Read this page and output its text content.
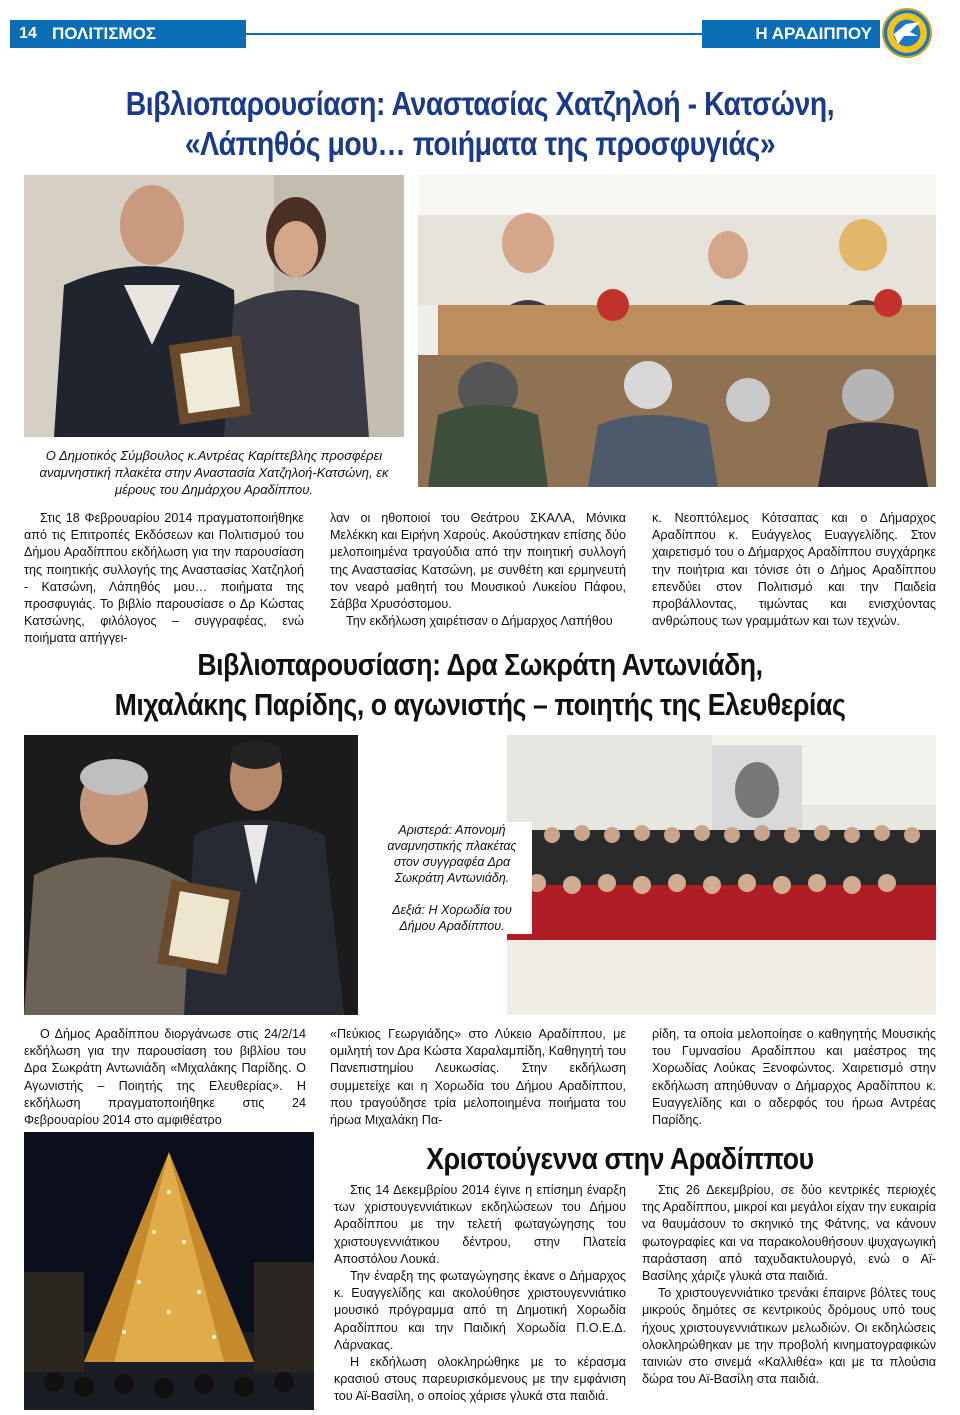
14 ΠΟΛΙΤΙΣΜΟΣ	Η ΑΡΑΔΙΠΠΟΥ
Βιβλιοπαρουσίαση: Αναστασίας Χατζηλοή - Κατσώνη,
«Λάπηθός μου… ποιήματα της προσφυγιάς»
Ο Δημοτικός Σύμβουλος κ.Αντρέας Καρίττεβλης προσφέρει
αναμνηστική πλακέτα στην Αναστασία Χατζηλοή-Κατσώνη, εκ
μέρους του Δημάρχου Αραδίππου.

Στις 18 Φεβρουαρίου 2014 πραγματοποιήθηκε από τις Επιτροπές Εκδόσεων και Πολιτισμού του Δήμου Αραδίππου εκδήλωση για την παρουσίαση της ποιητικής συλλογής της Αναστασίας Χατζηλοή - Κατσώνη, Λάπηθός μου… ποιήματα της προσφυγιάς. Το βιβλίο παρουσίασε ο Δρ Κώστας Κατσώνης, φιλόλογος – συγγραφέας, ενώ ποιήματα απήγγει-

λαν οι ηθοποιοί του Θεάτρου ΣΚΑΛΑ, Μόνικα Μελέκκη και Ειρήνη Χαρούς. Ακούστηκαν επίσης δύο μελοποιημένα τραγούδια από την ποιητική συλλογή της Αναστασίας Κατσώνη, με συνθέτη και ερμηνευτή τον νεαρό μαθητή του Μουσικού Λυκείου Πάφου, Σάββα Χρυσόστομου.

Την εκδήλωση χαιρέτισαν ο Δήμαρχος Λαπήθου

κ. Νεοπτόλεμος Κότσαπας και ο Δήμαρχος Αραδίππου κ. Ευάγγελος Ευαγγελίδης. Στον χαιρετισμό του ο Δήμαρχος Αραδίππου συγχάρηκε την ποιήτρια και τόνισε ότι ο Δήμος Αραδίππου επενδύει στον Πολιτισμό και την Παιδεία προβάλλοντας, τιμώντας και ενισχύοντας ανθρώπους των γραμμάτων και των τεχνών.

Βιβλιοπαρουσίαση: Δρα Σωκράτη Αντωνιάδη,
Μιχαλάκης Παρίδης, ο αγωνιστής – ποιητής της Ελευθερίας
Αριστερά: Απονομή
αναμνηστικής πλακέτας
στον συγγραφέα Δρα
Σωκράτη Αντωνιάδη.
Δεξιά: Η Χορωδία του
Δήμου Αραδίππου.

Ο Δήμος Αραδίππου διοργάνωσε στις 24/2/14 εκδήλωση για την παρουσίαση του βιβλίου του Δρα Σωκράτη Αντωνιάδη «Μιχαλάκης Παρίδης. Ο Αγωνιστής – Ποιητής της Ελευθερίας». Η εκδήλωση πραγματοποιήθηκε στις 24 Φεβρουαρίου 2014 στο αμφιθέατρο

«Πεύκιος Γεωργιάδης» στο Λύκειο Αραδίππου, με ομιλητή τον Δρα Κώστα Χαραλαμπίδη, Καθηγητή του Πανεπιστημίου Λευκωσίας. Στην εκδήλωση συμμετείχε και η Χορωδία του Δήμου Αραδίππου, που τραγούδησε τρία μελοποιημένα ποιήματα του ήρωα Μιχαλάκη Πα-

ρίδη, τα οποία μελοποίησε ο καθηγητής Μουσικής του Γυμνασίου Αραδίππου και μαέστρος της Χορωδίας Λούκας Ξενοφώντος. Χαιρετισμό στην εκδήλωση απηύθυναν ο Δήμαρχος Αραδίππου κ. Ευαγγελίδης και ο αδερφός του ήρωα Αντρέας Παρίδης.

Χριστούγεννα στην Αραδίππου

Στις 14 Δεκεμβρίου 2014 έγινε η επίσημη έναρξη των χριστουγεννιάτικων εκδηλώσεων του Δήμου Αραδίππου με την τελετή φωταγώγησης του χριστουγεννιάτικου δέντρου, στην Πλατεία Αποστόλου Λουκά.

Την έναρξη της φωταγώγησης έκανε ο Δήμαρχος κ. Ευαγγελίδης και ακολούθησε χριστουγεννιάτικο μουσικό πρόγραμμα από τη Δημοτική Χορωδία Αραδίππου και την Παιδική Χορωδία Π.Ο.Ε.Δ. Λάρνακας.

Η εκδήλωση ολοκληρώθηκε με το κέρασμα κρασιού στους παρευρισκόμενους με την εμφάνιση του Αϊ-Βασίλη, ο οποίος χάρισε γλυκά στα παιδιά.

Στις 26 Δεκεμβρίου, σε δύο κεντρικές περιοχές της Αραδίππου, μικροί και μεγάλοι είχαν την ευκαιρία να θαυμάσουν το σκηνικό της Φάτνης, να κάνουν φωτογραφίες και να παρακολουθήσουν ψυχαγωγική παράσταση από ταχυδακτυλουργό, ενώ ο Αϊ-Βασίλης χάριζε γλυκά στα παιδιά.

Το χριστουγεννιάτικο τρενάκι έπαιρνε βόλτες τους μικρούς δημότες σε κεντρικούς δρόμους υπό τους ήχους χριστουγεννιάτικων μελωδιών. Οι εκδηλώσεις ολοκληρώθηκαν με την προβολή κινηματογραφικών ταινιών στο σινεμά «Καλλιθέα» και με τα πλούσια δώρα του Αϊ-Βασίλη στα παιδιά.
